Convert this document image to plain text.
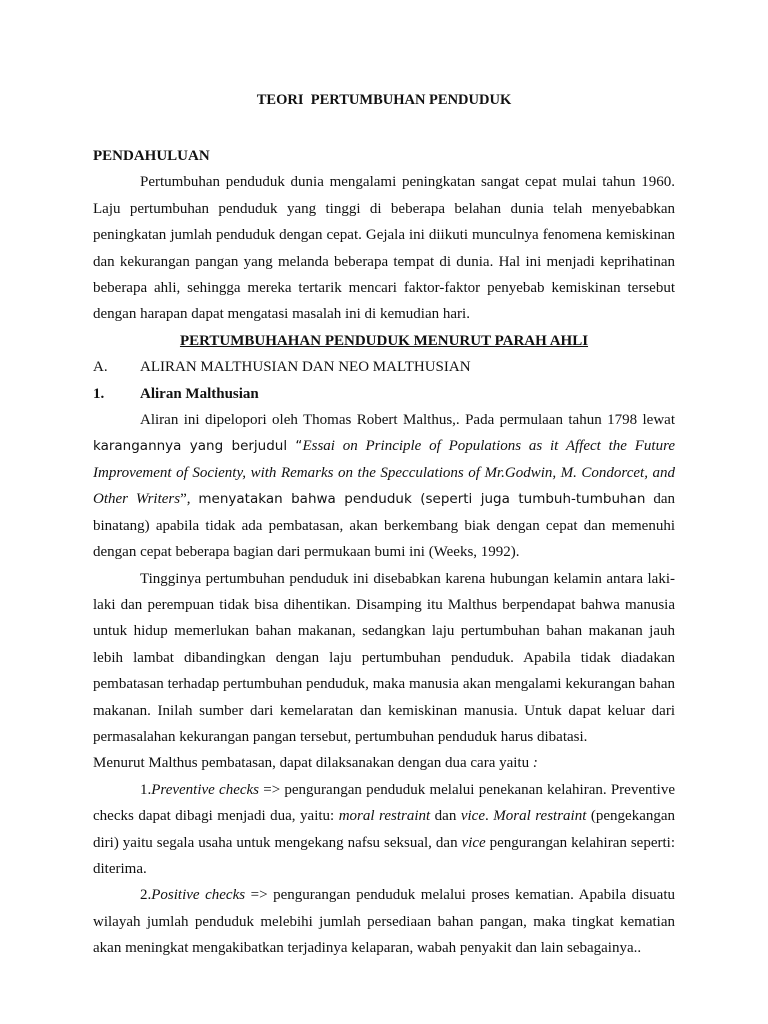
TEORI  PERTUMBUHAN PENDUDUK

PENDAHULUAN

Pertumbuhan penduduk dunia mengalami peningkatan sangat cepat mulai tahun 1960. Laju pertumbuhan penduduk yang tinggi di beberapa belahan dunia telah menyebabkan peningkatan jumlah penduduk dengan cepat. Gejala ini diikuti munculnya fenomena kemiskinan dan kekurangan pangan yang melanda beberapa tempat di dunia. Hal ini menjadi keprihatinan beberapa ahli, sehingga mereka tertarik mencari faktor-faktor penyebab kemiskinan tersebut dengan harapan dapat mengatasi masalah ini di kemudian hari.

PERTUMBUHAHAN PENDUDUK MENURUT PARAH AHLI

A.	ALIRAN MALTHUSIAN DAN NEO MALTHUSIAN
1.	Aliran Malthusian

Aliran ini dipelopori oleh Thomas Robert Malthus,. Pada permulaan tahun 1798 lewat karangannya yang berjudul “Essai on Principle of Populations as it Affect the Future Improvement of Socienty, with Remarks on the Specculations of Mr.Godwin, M. Condorcet, and Other Writers”, menyatakan bahwa penduduk (seperti juga tumbuh-tumbuhan dan binatang) apabila tidak ada pembatasan, akan berkembang biak dengan cepat dan memenuhi dengan cepat beberapa bagian dari permukaan bumi ini (Weeks, 1992).

Tingginya pertumbuhan penduduk ini disebabkan karena hubungan kelamin antara laki-laki dan perempuan tidak bisa dihentikan. Disamping itu Malthus berpendapat bahwa manusia untuk hidup memerlukan bahan makanan, sedangkan laju pertumbuhan bahan makanan jauh lebih lambat dibandingkan dengan laju pertumbuhan penduduk. Apabila tidak diadakan pembatasan terhadap pertumbuhan penduduk, maka manusia akan mengalami kekurangan bahan makanan. Inilah sumber dari kemelaratan dan kemiskinan manusia. Untuk dapat keluar dari permasalahan kekurangan pangan tersebut, pertumbuhan penduduk harus dibatasi.

Menurut Malthus pembatasan, dapat dilaksanakan dengan dua cara yaitu :

1.Preventive checks => pengurangan penduduk melalui penekanan kelahiran. Preventive checks dapat dibagi menjadi dua, yaitu: moral restraint dan vice. Moral restraint (pengekangan diri) yaitu segala usaha untuk mengekang nafsu seksual, dan vice pengurangan kelahiran seperti: diterima.

2.Positive checks => pengurangan penduduk melalui proses kematian. Apabila disuatu wilayah jumlah penduduk melebihi jumlah persediaan bahan pangan, maka tingkat kematian akan meningkat mengakibatkan terjadinya kelaparan, wabah penyakit dan lain sebagainya..
